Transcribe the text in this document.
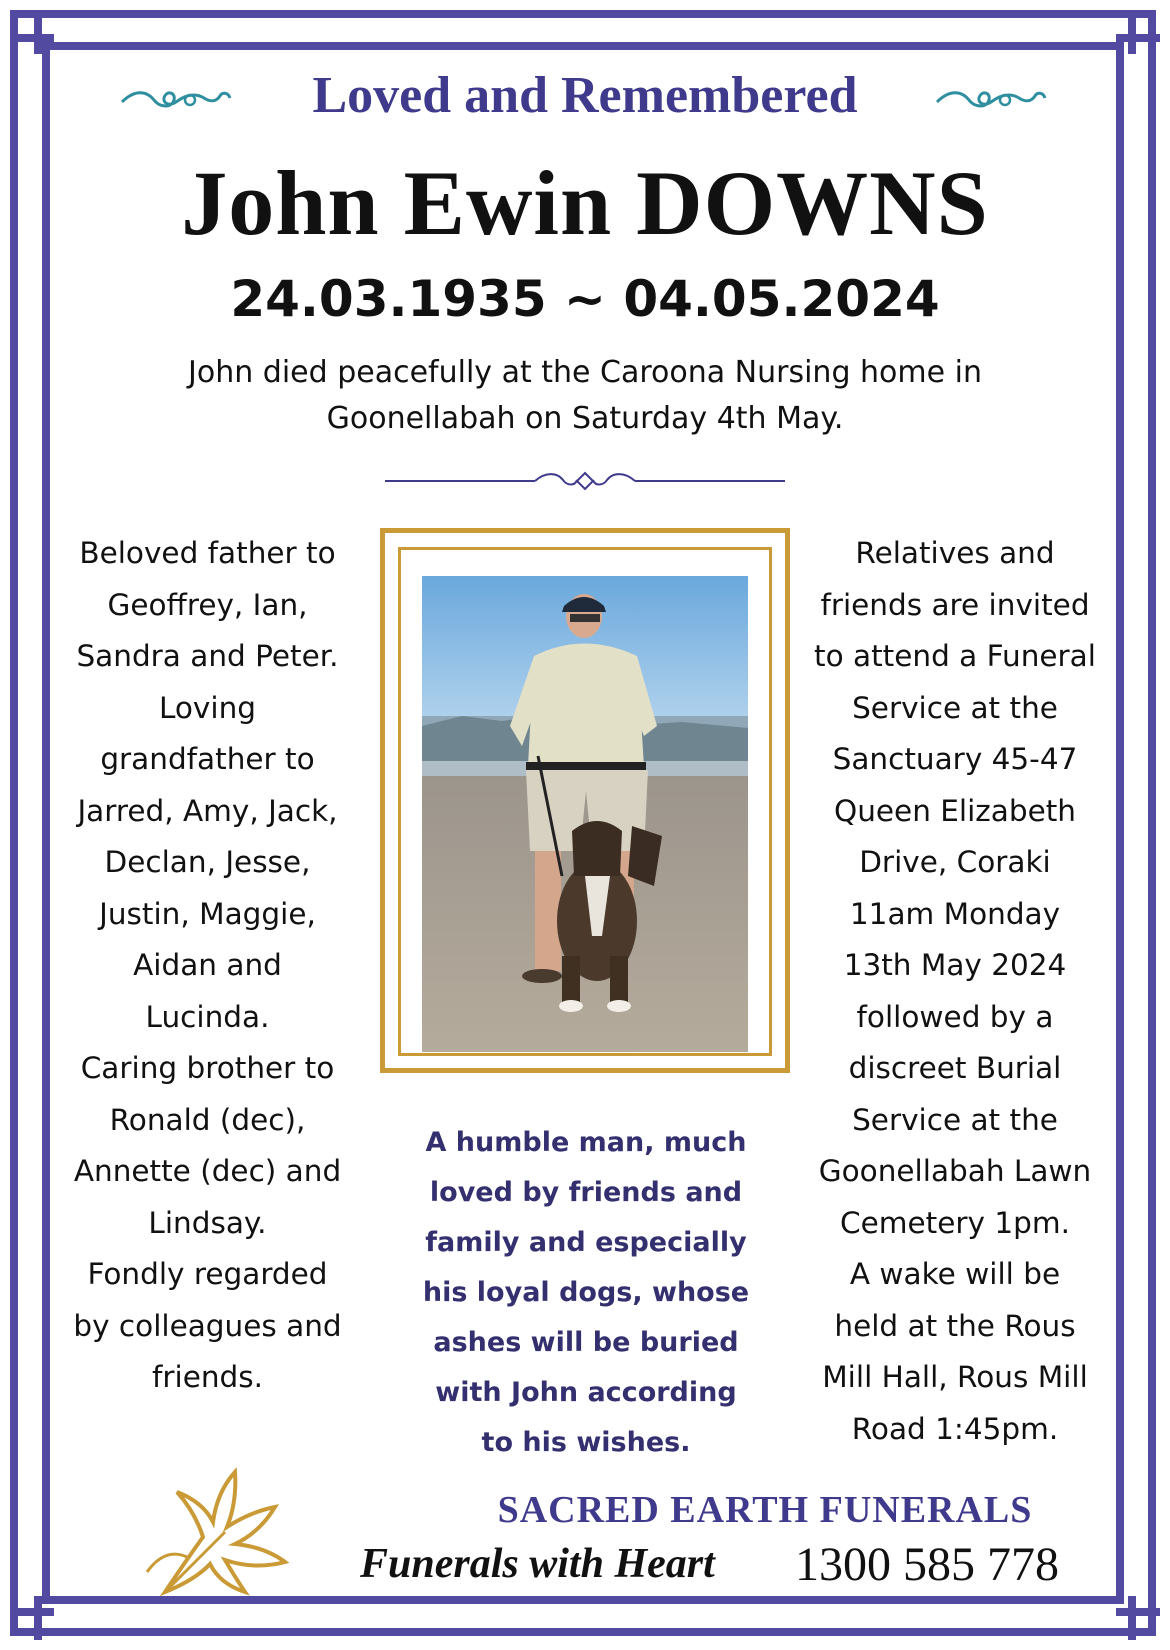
Loved and Remembered
John Ewin DOWNS
24.03.1935 ~ 04.05.2024
John died peacefully at the Caroona Nursing home in
Goonellabah on Saturday 4th May.
Beloved father to
Geoffrey, Ian,
Sandra and Peter.
Loving
grandfather to
Jarred, Amy, Jack,
Declan, Jesse,
Justin, Maggie,
Aidan and
Lucinda.
Caring brother to
Ronald (dec),
Annette (dec) and
Lindsay.
Fondly regarded
by colleagues and
friends.
A humble man, much
loved by friends and
family and especially
his loyal dogs, whose
ashes will be buried
with John according
to his wishes.
Relatives and
friends are invited
to attend a Funeral
Service at the
Sanctuary 45-47
Queen Elizabeth
Drive, Coraki
11am Monday
13th May 2024
followed by a
discreet Burial
Service at the
Goonellabah Lawn
Cemetery 1pm.
A wake will be
held at the Rous
Mill Hall, Rous Mill
Road 1:45pm.
SACRED EARTH FUNERALS
Funerals with Heart 1300 585 778
